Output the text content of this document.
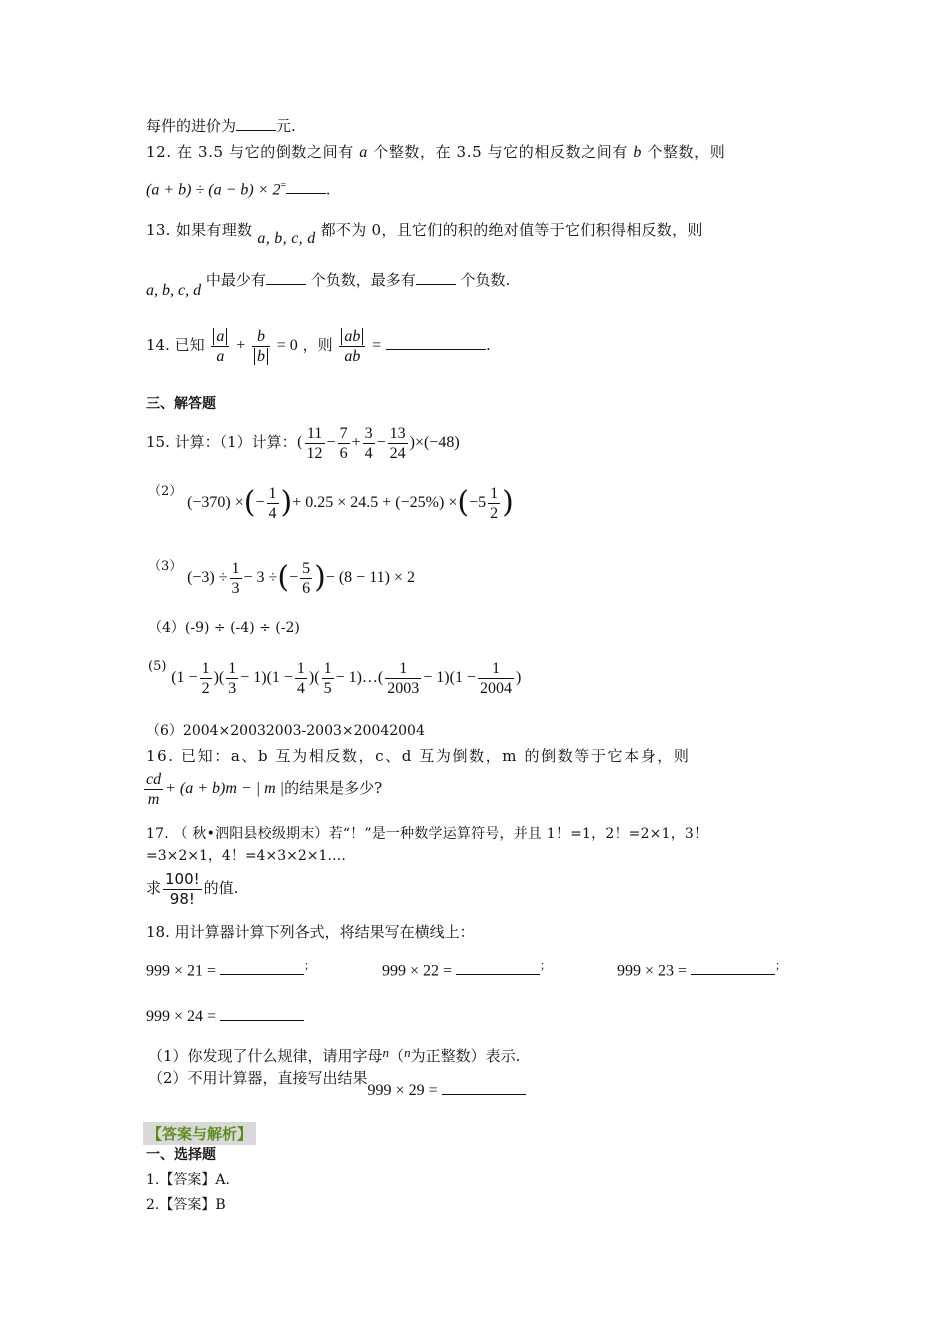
每件的进价为	元.
12. 在 3.5 与它的倒数之间有 a 个整数，在 3.5 与它的相反数之间有 b 个整数，则
(a + b) ÷ (a − b) × 2=	.
13. 如果有理数 a, b, c, d 都不为 0，且它们的积的绝对值等于它们积得相反数，则
a, b, c, d 中最少有	个负数，最多有	个负数.
14. 已知 $\frac{a}{a} + \frac{b}{b} = 0$ ，则 $\frac{ab}{ab}$ =	.
三、解答题
15. 计算：（1）计算：( $\frac{11}{12} - \frac{7}{6} + \frac{3}{4} - \frac{13}{24} )\times(-48)$
（2） (−370) ×(− $\frac{1}{4}$ )+ $0.25 \times 24.5 + (-25\%) \times(-5 \frac{1}{2}$ )
（3） $(-3) \div \frac{1}{3} - 3$ ÷(− $\frac{5}{6}$ )− (8 − 11) × 2
（4）(-9) ÷ (-4) ÷ (-2)
(5) ($1 - \frac{1}{2}$ )( $\frac{1}{3} - 1)(1 - \frac{1}{4}$ )( $\frac{1}{5}$ − 1)…( $\frac{1}{2003} - 1)(1 - \frac{1}{2004}$ )
（6）2004×20032003-2003×20042004
16. 已知：a、b 互为相反数，c、d 互为倒数，m 的倒数等于它本身，则
$\frac{cd}{m} + (a + b)m$ − | m |的结果是多少?
17. （ 秋•泗阳县校级期末）若“！”是一种数学运算符号，并且 1！=1，2！=2×1，3！
=3×2×1，4！=4×3×2×1….
求 $\frac{100!}{98!}$ 的值.
18. 用计算器计算下列各式，将结果写在横线上：
999 × 21 =	；	999 × 22 =	；	999 × 23 =	；
999 × 24 =
（1）你发现了什么规律，请用字母n（n为正整数）表示.
（2）不用计算器，直接写出结果999 × 29 =
【答案与解析】
一、选择题
1.【答案】A.
2.【答案】B
